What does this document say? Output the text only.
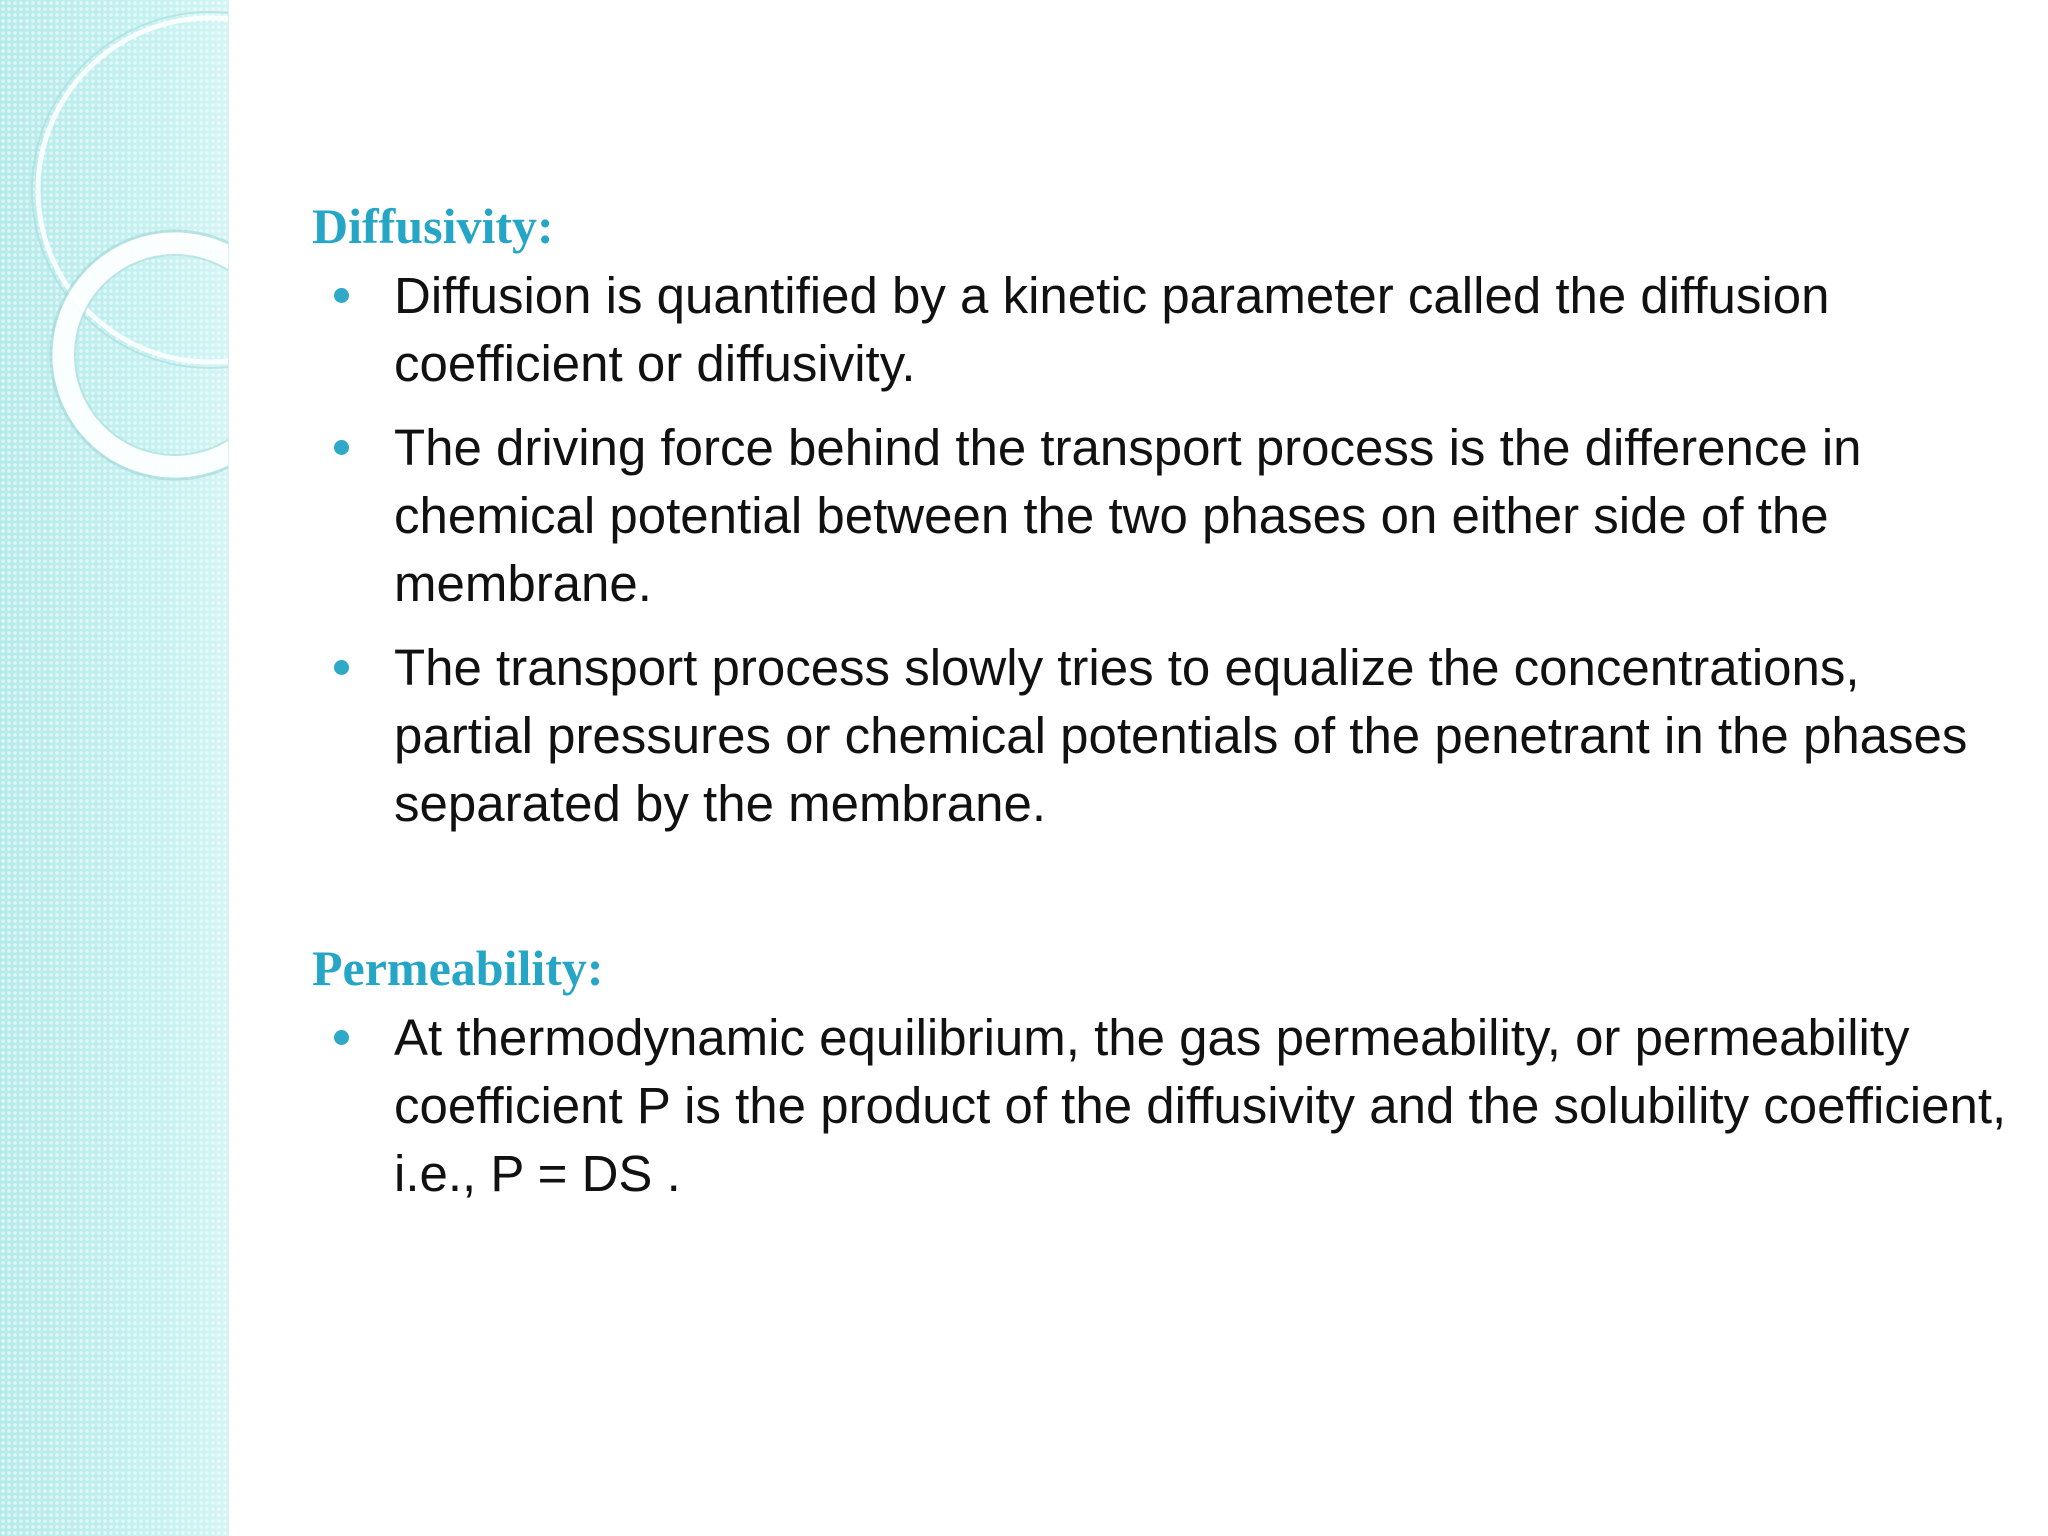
Diffusivity:
Diffusion is quantified by a kinetic parameter called the diffusion coefficient or diffusivity.
The driving force behind the transport process is the difference in chemical potential between the two phases on either side of the membrane.
The transport process slowly tries to equalize the concentrations, partial pressures or chemical potentials of the penetrant in the phases separated by the membrane.
Permeability:
At thermodynamic equilibrium, the gas permeability, or permeability coefficient P is the product of the diffusivity and the solubility coefficient, i.e., P = DS .
